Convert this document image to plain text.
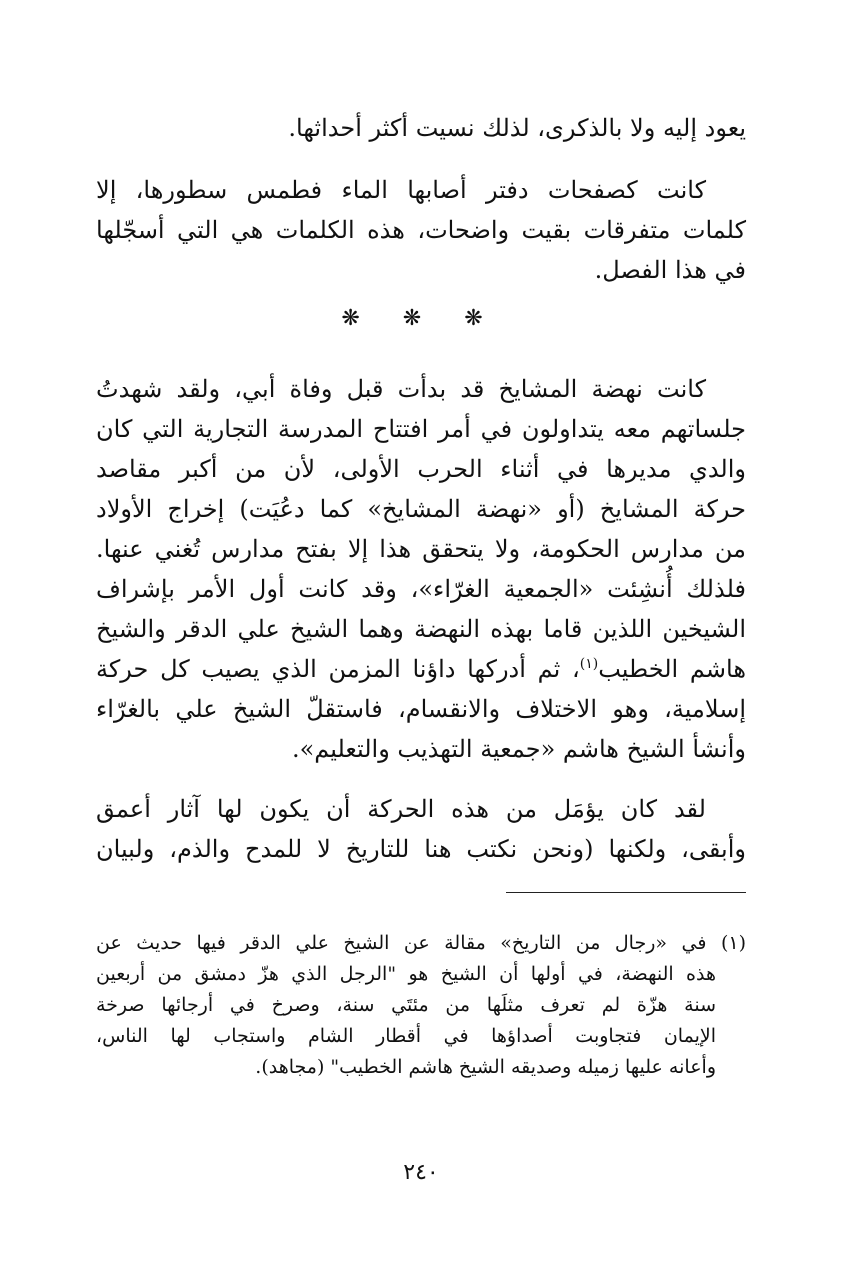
يعود إليه ولا بالذكرى، لذلك نسيت أكثر أحداثها.
كانت كصفحات دفتر أصابها الماء فطمس سطورها، إلا
كلمات متفرقات بقيت واضحات، هذه الكلمات هي التي أسجّلها
في هذا الفصل.
❋ ❋ ❋
كانت نهضة المشايخ قد بدأت قبل وفاة أبي، ولقد شهدتُ
جلساتهم معه يتداولون في أمر افتتاح المدرسة التجارية التي كان
والدي مديرها في أثناء الحرب الأولى، لأن من أكبر مقاصد
حركة المشايخ (أو «نهضة المشايخ» كما دعُيَت) إخراج الأولاد
من مدارس الحكومة، ولا يتحقق هذا إلا بفتح مدارس تُغني عنها.
فلذلك أُنشِئت «الجمعية الغرّاء»، وقد كانت أول الأمر بإشراف
الشيخين اللذين قاما بهذه النهضة وهما الشيخ علي الدقر والشيخ
هاشم الخطيب$^{(١)}$، ثم أدركها داؤنا المزمن الذي يصيب كل حركة
إسلامية، وهو الاختلاف والانقسام، فاستقلّ الشيخ علي بالغرّاء
وأنشأ الشيخ هاشم «جمعية التهذيب والتعليم».
لقد كان يؤمَل من هذه الحركة أن يكون لها آثار أعمق
وأبقى، ولكنها (ونحن نكتب هنا للتاريخ لا للمدح والذم، ولبيان
(١) في «رجال من التاريخ» مقالة عن الشيخ علي الدقر فيها حديث عن
هذه النهضة، في أولها أن الشيخ هو "الرجل الذي هزّ دمشق من أربعين
سنة هزّة لم تعرف مثلَها من مئتَي سنة، وصرخ في أرجائها صرخة
الإيمان فتجاوبت أصداؤها في أقطار الشام واستجاب لها الناس،
وأعانه عليها زميله وصديقه الشيخ هاشم الخطيب" (مجاهد).
٢٤٠
